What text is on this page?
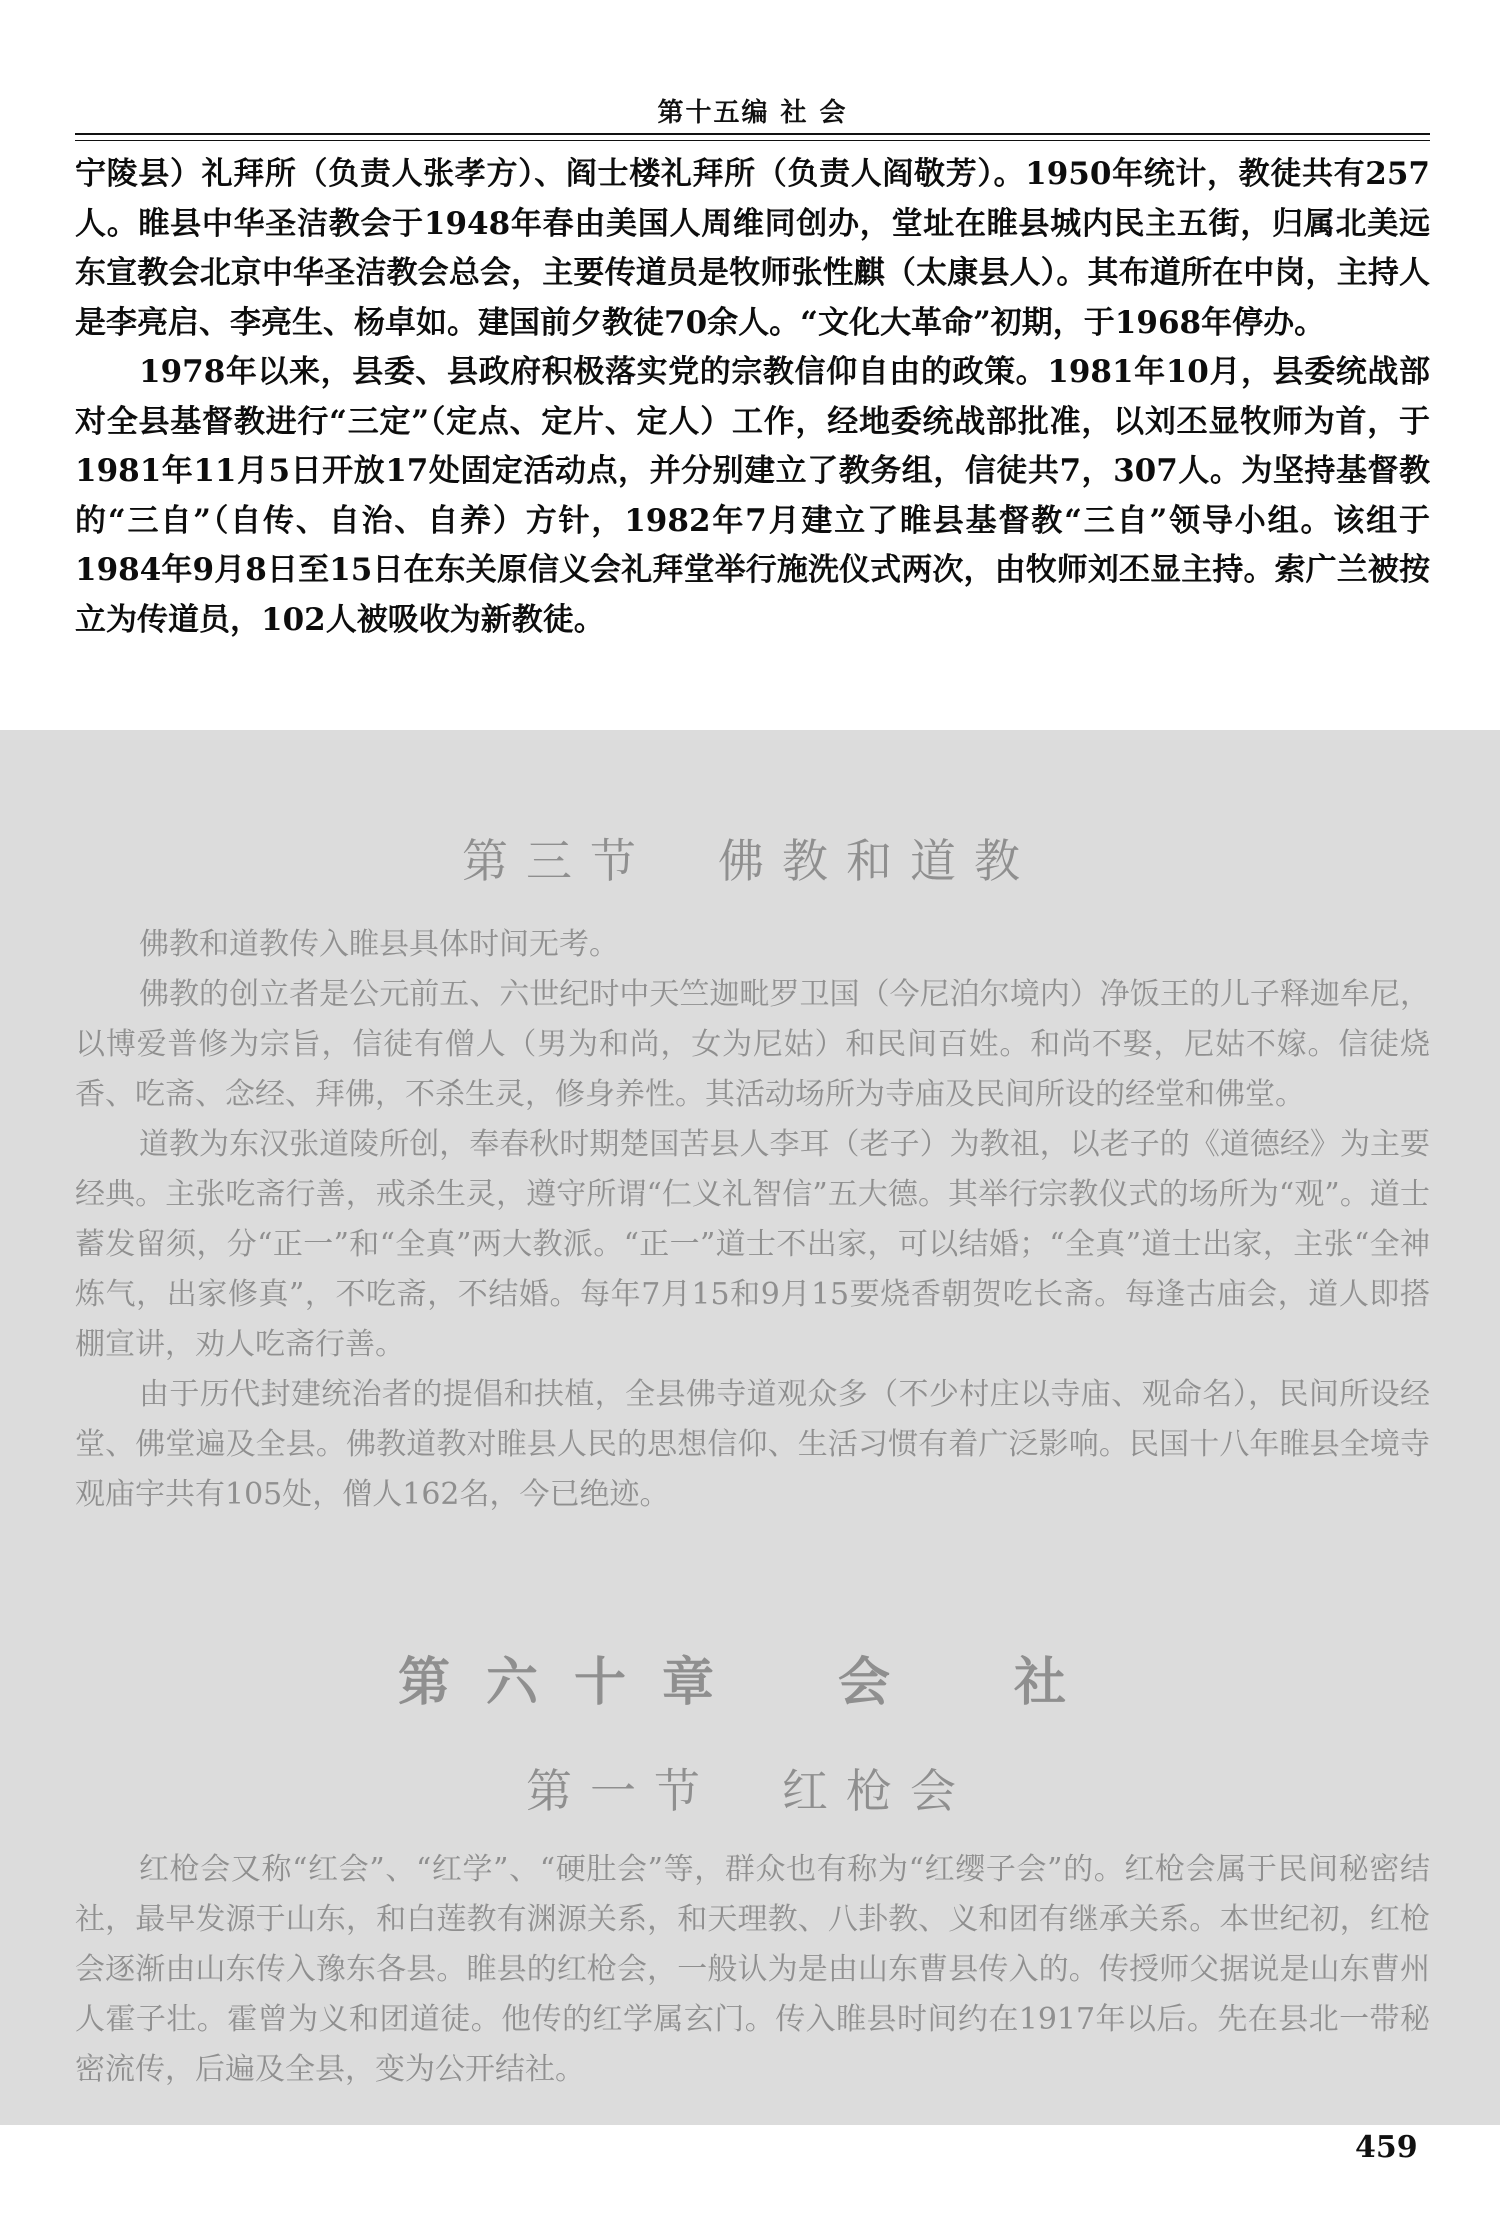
第十五编 社 会

宁陵县）礼拜所（负责人张孝方）、阎士楼礼拜所（负责人阎敬芳）。1950年统计，教徒共有257人。睢县中华圣洁教会于1948年春由美国人周维同创办，堂址在睢县城内民主五街，归属北美远东宣教会北京中华圣洁教会总会，主要传道员是牧师张性麒（太康县人）。其布道所在中岗，主持人是李亮启、李亮生、杨卓如。建国前夕教徒70余人。“文化大革命”初期，于1968年停办。

1978年以来，县委、县政府积极落实党的宗教信仰自由的政策。1981年10月，县委统战部对全县基督教进行“三定”（定点、定片、定人）工作，经地委统战部批准，以刘丕显牧师为首，于1981年11月5日开放17处固定活动点，并分别建立了教务组，信徒共7，307人。为坚持基督教的“三自”（自传、自治、自养）方针，1982年7月建立了睢县基督教“三自”领导小组。该组于1984年9月8日至15日在东关原信义会礼拜堂举行施洗仪式两次，由牧师刘丕显主持。索广兰被按立为传道员，102人被吸收为新教徒。

第三节　佛教和道教

佛教和道教传入睢县具体时间无考。

佛教的创立者是公元前五、六世纪时中天竺迦毗罗卫国（今尼泊尔境内）净饭王的儿子释迦牟尼，以博爱普修为宗旨，信徒有僧人（男为和尚，女为尼姑）和民间百姓。和尚不娶，尼姑不嫁。信徒烧香、吃斋、念经、拜佛，不杀生灵，修身养性。其活动场所为寺庙及民间所设的经堂和佛堂。

道教为东汉张道陵所创，奉春秋时期楚国苦县人李耳（老子）为教祖，以老子的《道德经》为主要经典。主张吃斋行善，戒杀生灵，遵守所谓“仁义礼智信”五大德。其举行宗教仪式的场所为“观”。道士蓄发留须，分“正一”和“全真”两大教派。“正一”道士不出家，可以结婚；“全真”道士出家，主张“全神炼气，出家修真”，不吃斋，不结婚。每年7月15和9月15要烧香朝贺吃长斋。每逢古庙会，道人即搭棚宣讲，劝人吃斋行善。

由于历代封建统治者的提倡和扶植，全县佛寺道观众多（不少村庄以寺庙、观命名），民间所设经堂、佛堂遍及全县。佛教道教对睢县人民的思想信仰、生活习惯有着广泛影响。民国十八年睢县全境寺观庙宇共有105处，僧人162名，今已绝迹。

第六十章　会　社
第一节　红枪会

红枪会又称“红会”、“红学”、“硬肚会”等，群众也有称为“红缨子会”的。红枪会属于民间秘密结社，最早发源于山东，和白莲教有渊源关系，和天理教、八卦教、义和团有继承关系。本世纪初，红枪会逐渐由山东传入豫东各县。睢县的红枪会，一般认为是由山东曹县传入的。传授师父据说是山东曹州人霍子壮。霍曾为义和团道徒。他传的红学属玄门。传入睢县时间约在1917年以后。先在县北一带秘密流传，后遍及全县，变为公开结社。

459
